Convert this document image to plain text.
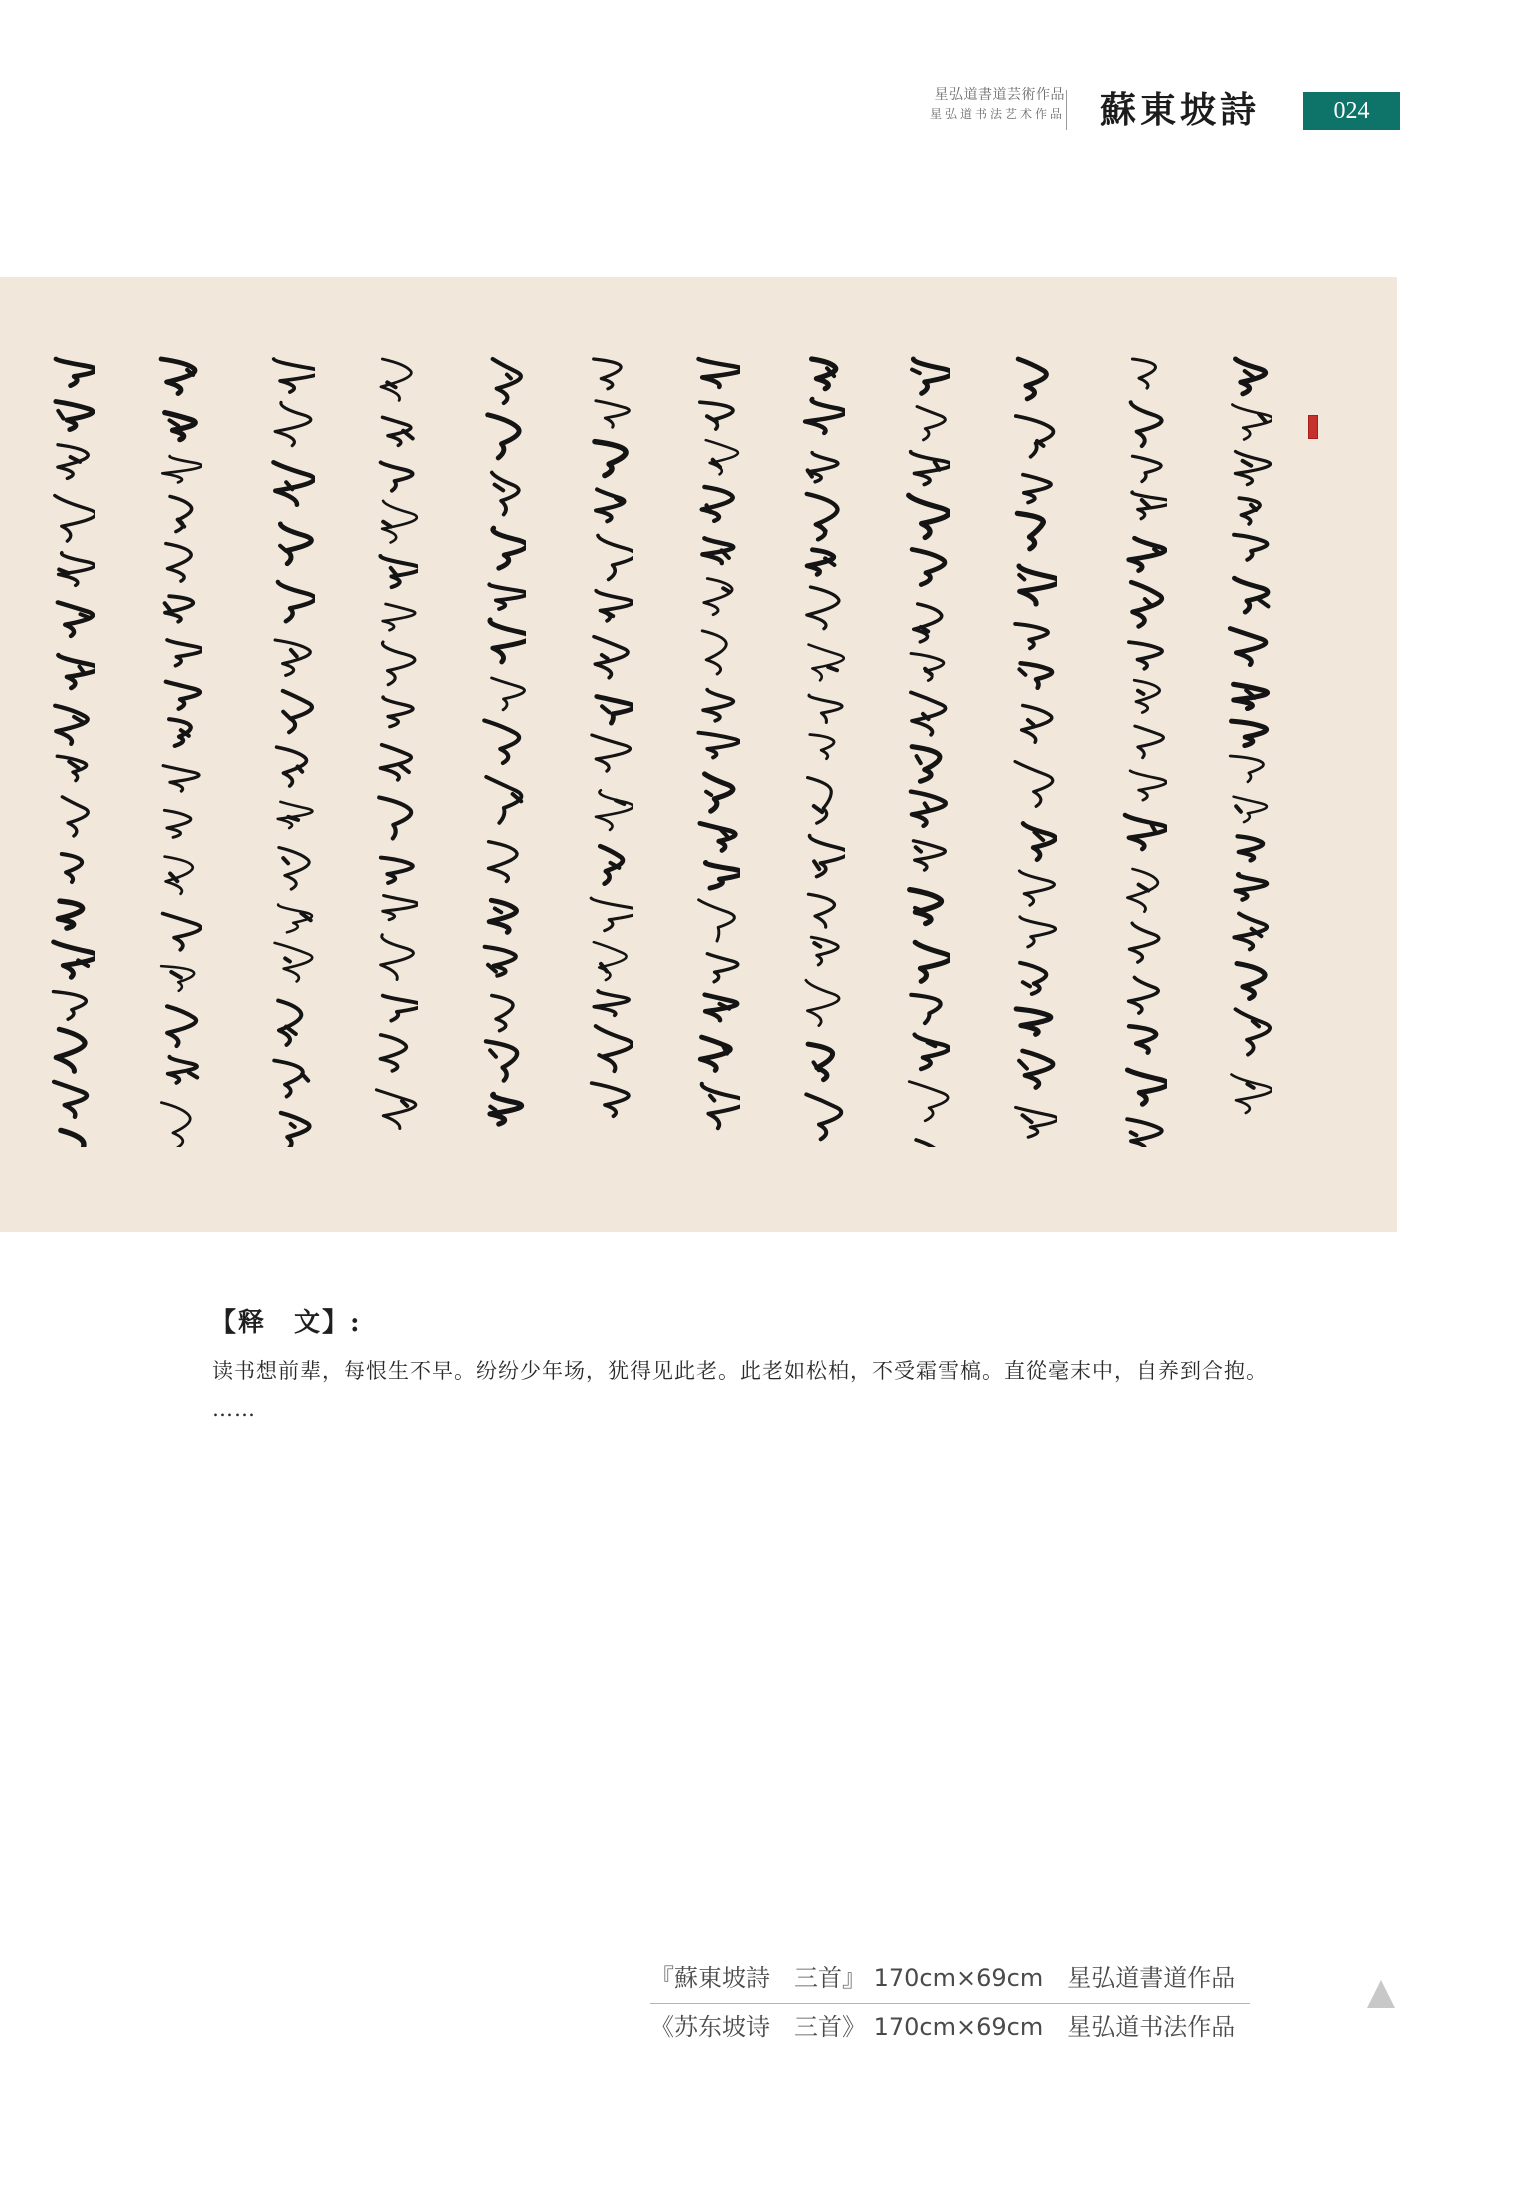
星弘道書道芸術作品
星弘道书法艺术作品 蘇東坡詩	024
【释　文】:
读书想前辈，每恨生不早。纷纷少年场，犹得见此老。此老如松柏，不受霜雪槁。直從毫末中，自养到合抱。
……
『蘇東坡詩　三首』 170cm×69cm　星弘道書道作品
《苏东坡诗　三首》 170cm×69cm　星弘道书法作品
